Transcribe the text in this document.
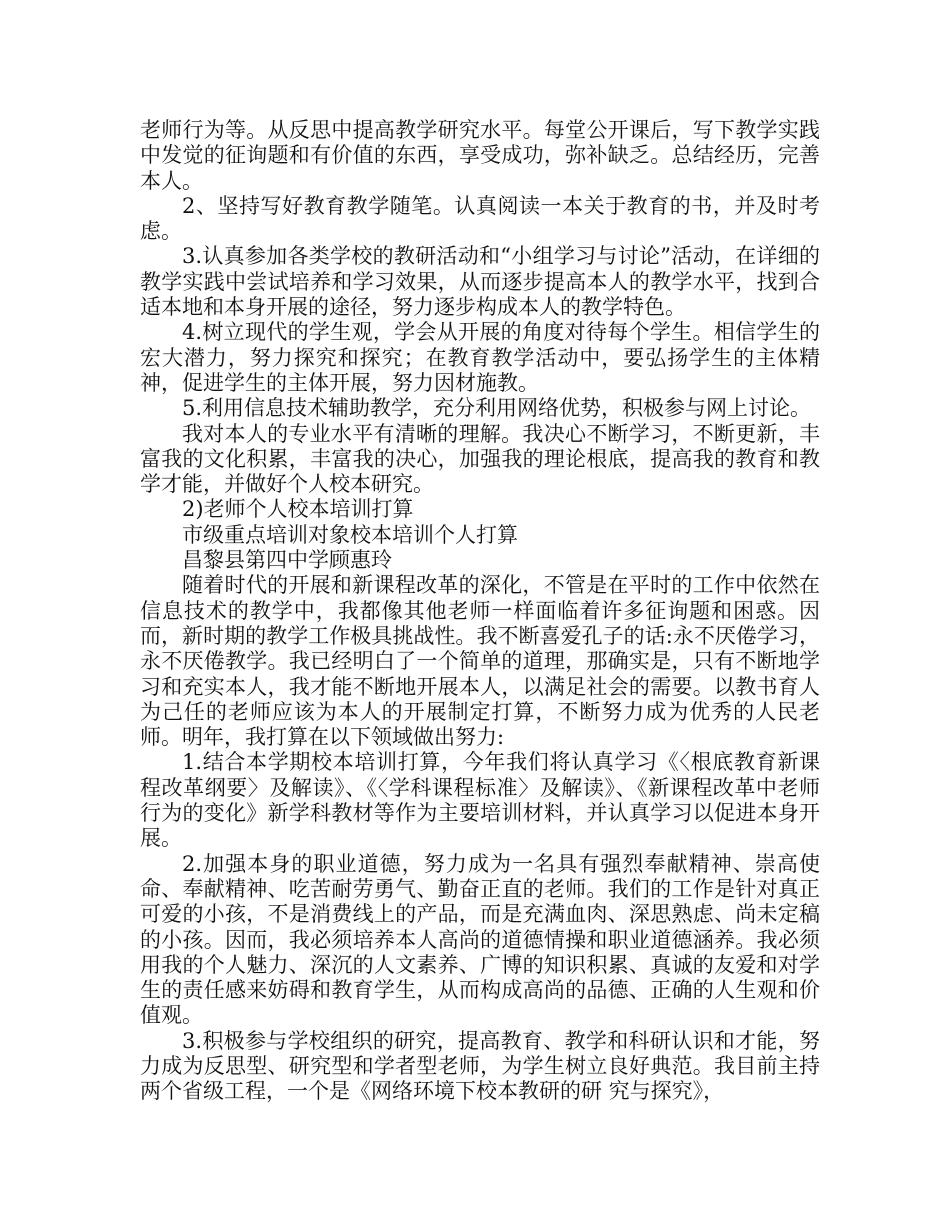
老师行为等。从反思中提高教学研究水平。每堂公开课后，写下教学实践中发觉的征询题和有价值的东西，享受成功，弥补缺乏。总结经历，完善本人。

2、坚持写好教育教学随笔。认真阅读一本关于教育的书，并及时考虑。

3.认真参加各类学校的教研活动和“小组学习与讨论”活动，在详细的教学实践中尝试培养和学习效果，从而逐步提高本人的教学水平，找到合适本地和本身开展的途径，努力逐步构成本人的教学特色。

4.树立现代的学生观，学会从开展的角度对待每个学生。相信学生的宏大潜力，努力探究和探究；在教育教学活动中，要弘扬学生的主体精神，促进学生的主体开展，努力因材施教。

5.利用信息技术辅助教学，充分利用网络优势，积极参与网上讨论。

我对本人的专业水平有清晰的理解。我决心不断学习，不断更新，丰富我的文化积累，丰富我的决心，加强我的理论根底，提高我的教育和教学才能，并做好个人校本研究。

2)老师个人校本培训打算

市级重点培训对象校本培训个人打算

昌黎县第四中学顾惠玲

随着时代的开展和新课程改革的深化，不管是在平时的工作中依然在信息技术的教学中，我都像其他老师一样面临着许多征询题和困惑。因而，新时期的教学工作极具挑战性。我不断喜爱孔子的话:永不厌倦学习，永不厌倦教学。我已经明白了一个简单的道理，那确实是，只有不断地学习和充实本人，我才能不断地开展本人，以满足社会的需要。以教书育人为己任的老师应该为本人的开展制定打算，不断努力成为优秀的人民老师。明年，我打算在以下领域做出努力:

1.结合本学期校本培训打算，今年我们将认真学习《〈根底教育新课程改革纲要〉及解读》、《〈学科课程标准〉及解读》、《新课程改革中老师行为的变化》新学科教材等作为主要培训材料，并认真学习以促进本身开展。

2.加强本身的职业道德，努力成为一名具有强烈奉献精神、崇高使命、奉献精神、吃苦耐劳勇气、勤奋正直的老师。我们的工作是针对真正可爱的小孩，不是消费线上的产品，而是充满血肉、深思熟虑、尚未定稿的小孩。因而，我必须培养本人高尚的道德情操和职业道德涵养。我必须用我的个人魅力、深沉的人文素养、广博的知识积累、真诚的友爱和对学生的责任感来妨碍和教育学生，从而构成高尚的品德、正确的人生观和价值观。

3.积极参与学校组织的研究，提高教育、教学和科研认识和才能，努力成为反思型、研究型和学者型老师，为学生树立良好典范。我目前主持两个省级工程，一个是《网络环境下校本教研的研 究与探究》，
